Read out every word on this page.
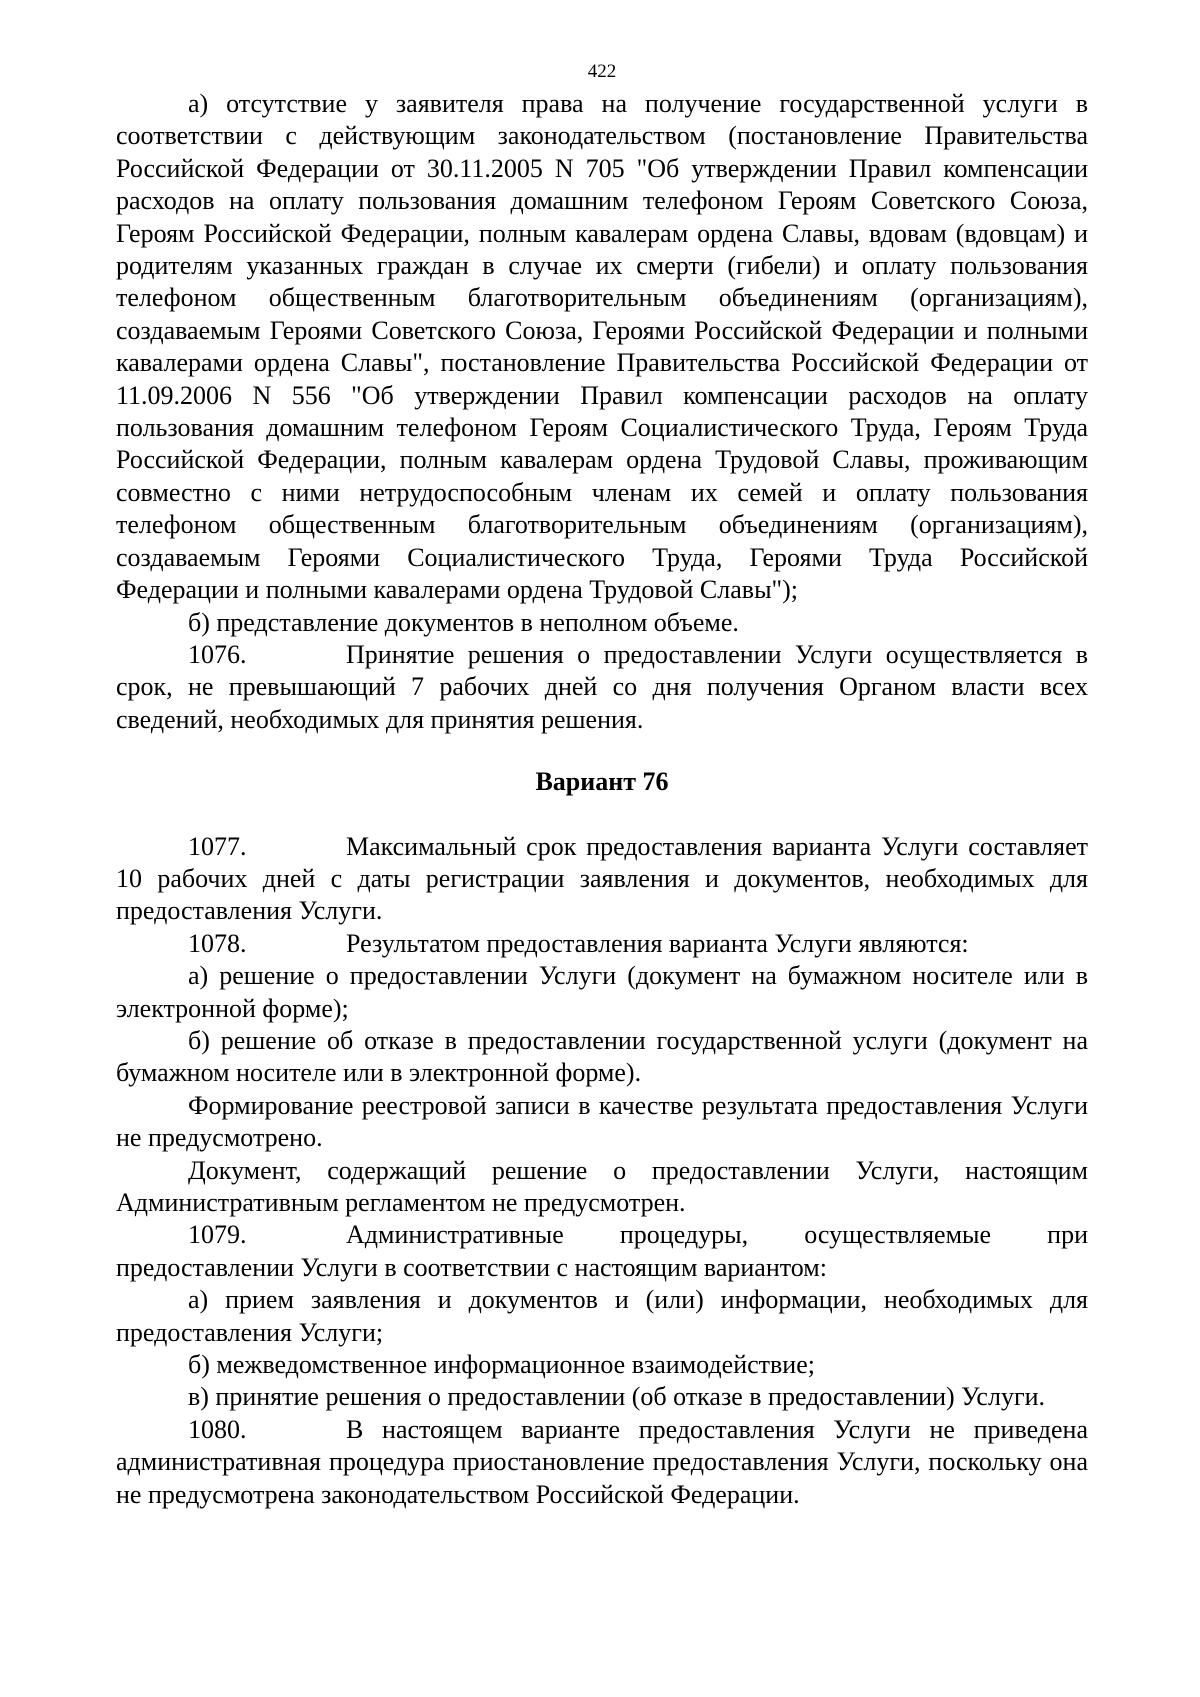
422

а) отсутствие у заявителя права на получение государственной услуги в соответствии с действующим законодательством (постановление Правительства Российской Федерации от 30.11.2005 N 705 "Об утверждении Правил компенсации расходов на оплату пользования домашним телефоном Героям Советского Союза, Героям Российской Федерации, полным кавалерам ордена Славы, вдовам (вдовцам) и родителям указанных граждан в случае их смерти (гибели) и оплату пользования телефоном общественным благотворительным объединениям (организациям), создаваемым Героями Советского Союза, Героями Российской Федерации и полными кавалерами ордена Славы", постановление Правительства Российской Федерации от 11.09.2006 N 556 "Об утверждении Правил компенсации расходов на оплату пользования домашним телефоном Героям Социалистического Труда, Героям Труда Российской Федерации, полным кавалерам ордена Трудовой Славы, проживающим совместно с ними нетрудоспособным членам их семей и оплату пользования телефоном общественным благотворительным объединениям (организациям), создаваемым Героями Социалистического Труда, Героями Труда Российской Федерации и полными кавалерами ордена Трудовой Славы");

б) представление документов в неполном объеме.

1076.	Принятие решения о предоставлении Услуги осуществляется в срок, не превышающий 7 рабочих дней со дня получения Органом власти всех сведений, необходимых для принятия решения.

Вариант 76

1077.	Максимальный срок предоставления варианта Услуги составляет 10 рабочих дней с даты регистрации заявления и документов, необходимых для предоставления Услуги.

1078.	Результатом предоставления варианта Услуги являются:

а) решение о предоставлении Услуги (документ на бумажном носителе или в электронной форме);

б) решение об отказе в предоставлении государственной услуги (документ на бумажном носителе или в электронной форме).

Формирование реестровой записи в качестве результата предоставления Услуги не предусмотрено.

Документ, содержащий решение о предоставлении Услуги, настоящим Административным регламентом не предусмотрен.

1079.	Административные процедуры, осуществляемые при предоставлении Услуги в соответствии с настоящим вариантом:

а) прием заявления и документов и (или) информации, необходимых для предоставления Услуги;

б) межведомственное информационное взаимодействие;

в) принятие решения о предоставлении (об отказе в предоставлении) Услуги.

1080.	В настоящем варианте предоставления Услуги не приведена административная процедура приостановление предоставления Услуги, поскольку она не предусмотрена законодательством Российской Федерации.
